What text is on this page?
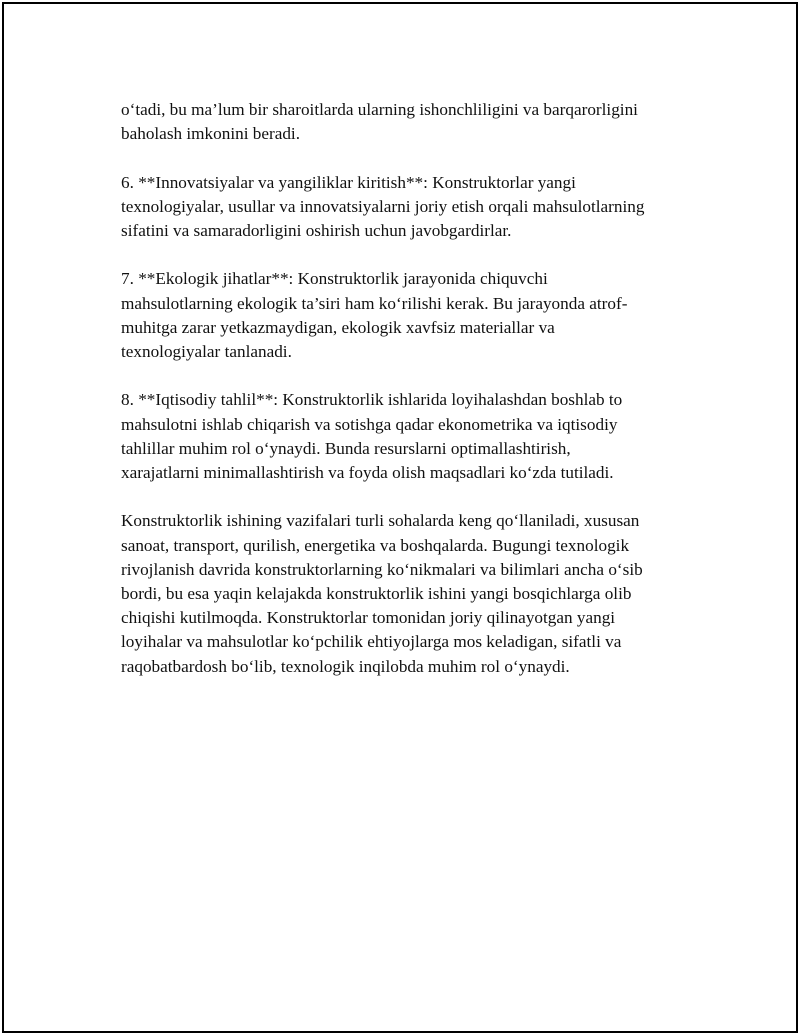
o‘tadi, bu ma’lum bir sharoitlarda ularning ishonchliligini va barqarorligini
baholash imkonini beradi.

6. **Innovatsiyalar va yangiliklar kiritish**: Konstruktorlar yangi
texnologiyalar, usullar va innovatsiyalarni joriy etish orqali mahsulotlarning
sifatini va samaradorligini oshirish uchun javobgardirlar.

7. **Ekologik jihatlar**: Konstruktorlik jarayonida chiquvchi
mahsulotlarning ekologik ta’siri ham ko‘rilishi kerak. Bu jarayonda atrof-
muhitga zarar yetkazmaydigan, ekologik xavfsiz materiallar va
texnologiyalar tanlanadi.

8. **Iqtisodiy tahlil**: Konstruktorlik ishlarida loyihalashdan boshlab to
mahsulotni ishlab chiqarish va sotishga qadar ekonometrika va iqtisodiy
tahlillar muhim rol o‘ynaydi. Bunda resurslarni optimallashtirish,
xarajatlarni minimallashtirish va foyda olish maqsadlari ko‘zda tutiladi.

Konstruktorlik ishining vazifalari turli sohalarda keng qo‘llaniladi, xususan
sanoat, transport, qurilish, energetika va boshqalarda. Bugungi texnologik
rivojlanish davrida konstruktorlarning ko‘nikmalari va bilimlari ancha o‘sib
bordi, bu esa yaqin kelajakda konstruktorlik ishini yangi bosqichlarga olib
chiqishi kutilmoqda. Konstruktorlar tomonidan joriy qilinayotgan yangi
loyihalar va mahsulotlar ko‘pchilik ehtiyojlarga mos keladigan, sifatli va
raqobatbardosh bo‘lib, texnologik inqilobda muhim rol o‘ynaydi.
